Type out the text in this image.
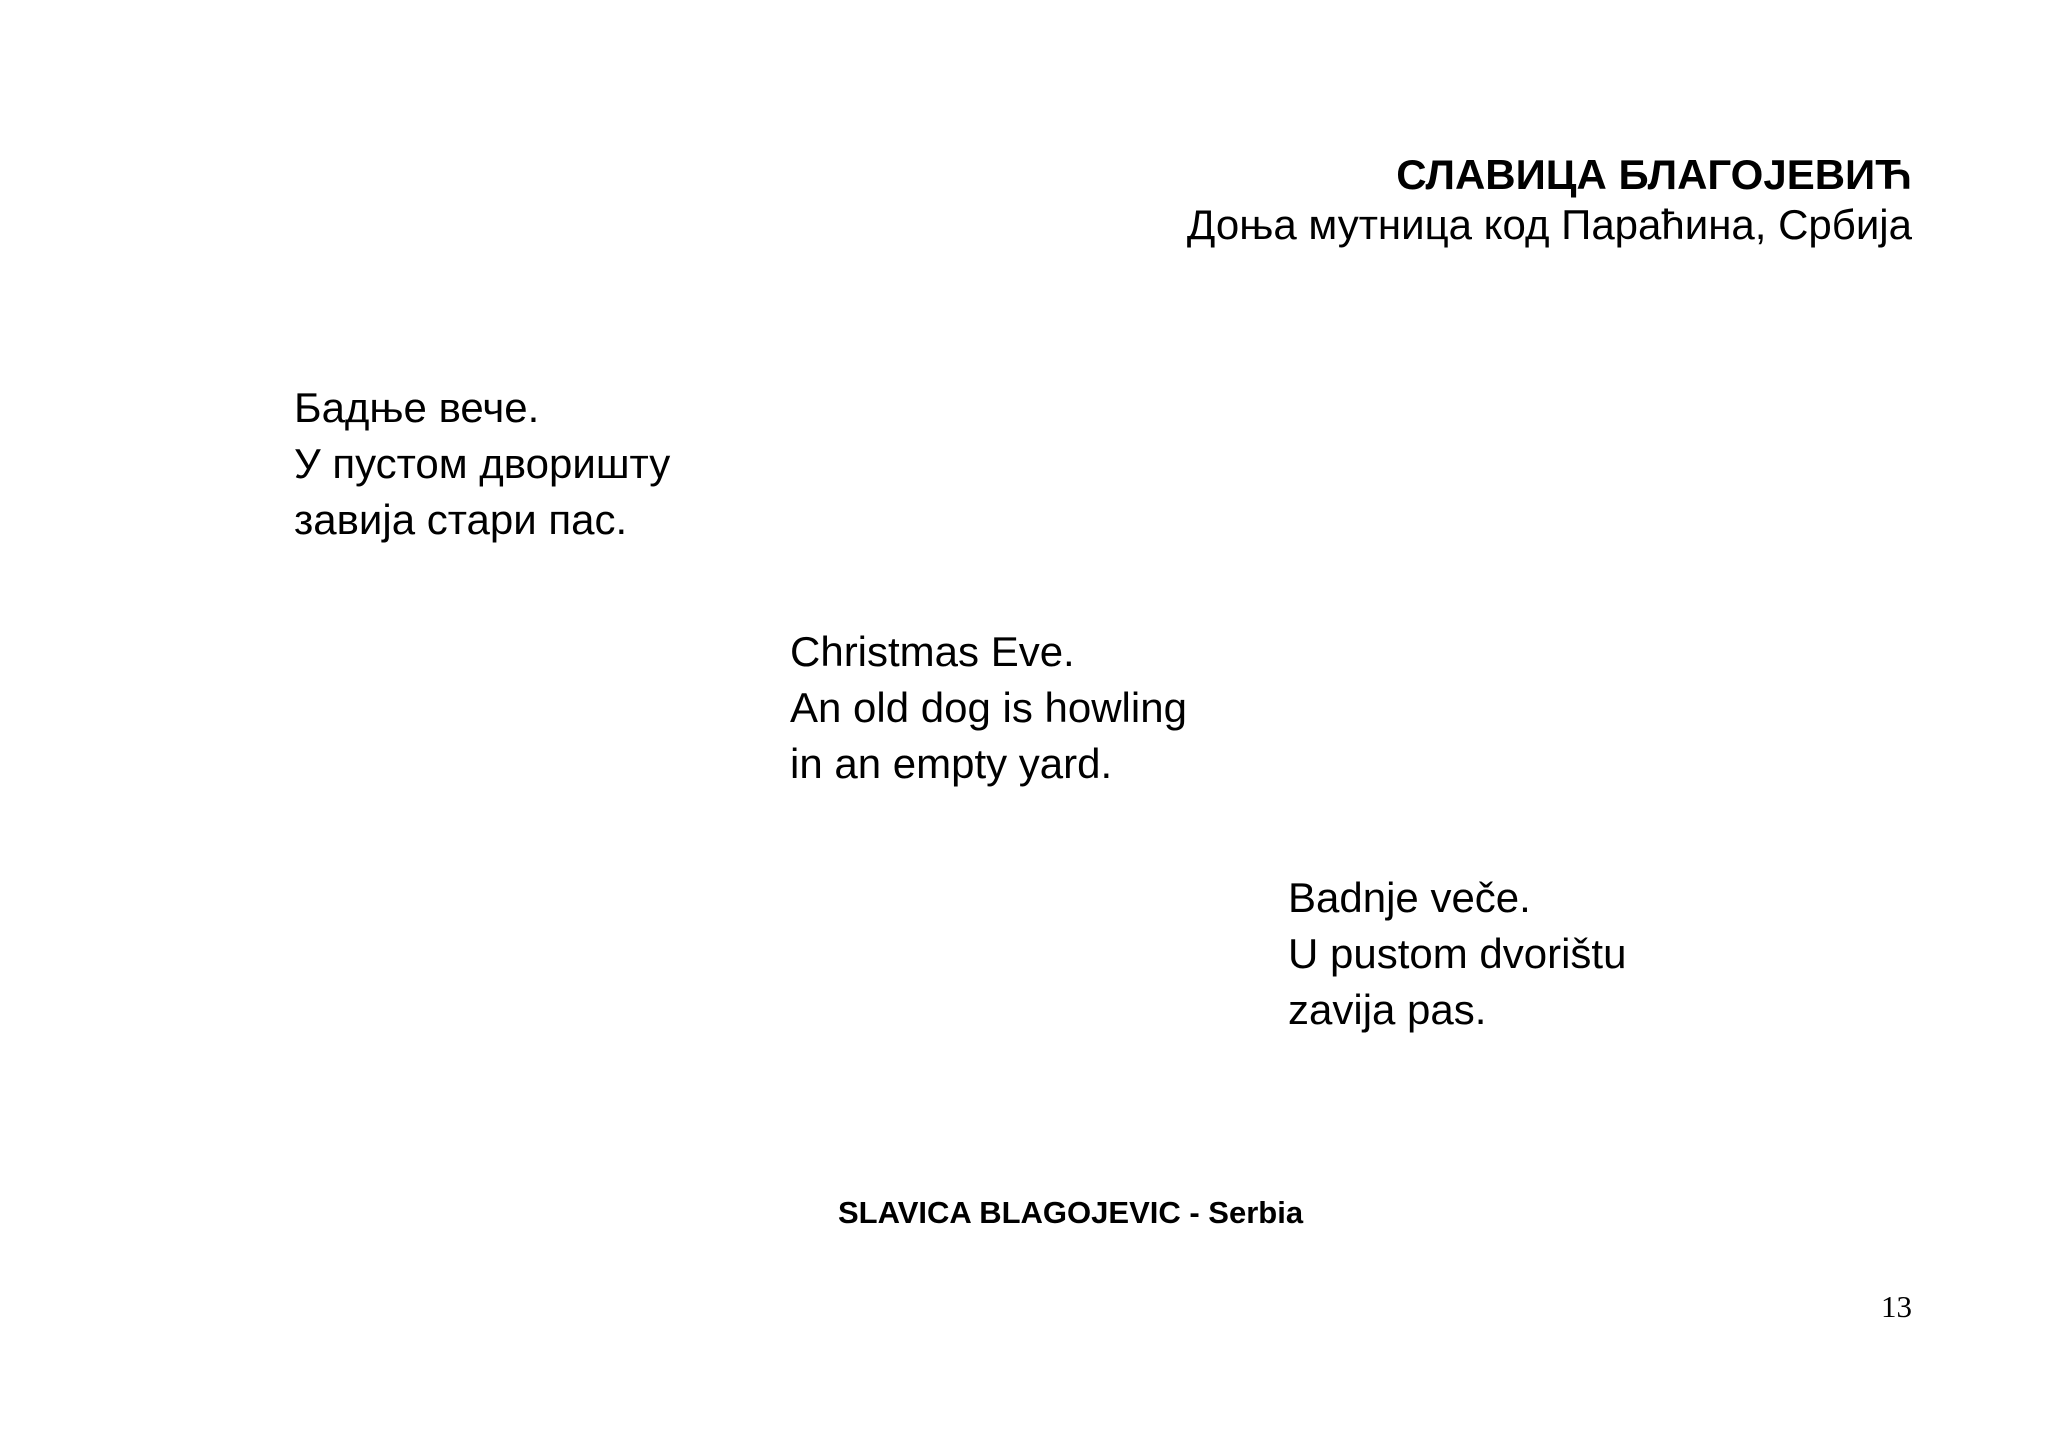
СЛАВИЦА БЛАГОЈЕВИЋ
Доња мутница код Параћина, Србија
Бадње вече.
У пустом дворишту
завија стари пас.
Christmas Eve.
An old dog is howling
in an empty yard.
Badnje veče.
U pustom dvorištu
zavija pas.
SLAVICA BLAGOJEVIC - Serbia
13
